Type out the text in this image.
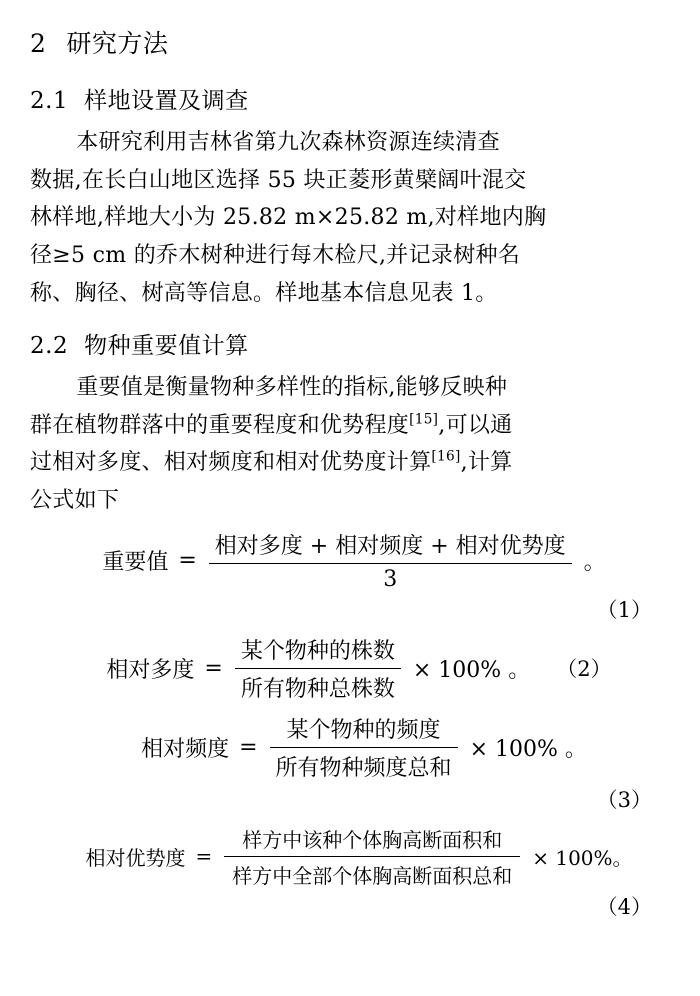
2 研究方法
2.1 样地设置及调查

本研究利用吉林省第九次森林资源连续清查

数据,在长白山地区选择 55 块正菱形黄檗阔叶混交

林样地,样地大小为 25.82 m×25.82 m,对样地内胸

径≥5 cm 的乔木树种进行每木检尺,并记录树种名

称、胸径、树高等信息。样地基本信息见表 1。

2.2 物种重要值计算

重要值是衡量物种多样性的指标,能够反映种

群在植物群落中的重要程度和优势程度[15],可以通

过相对多度、相对频度和相对优势度计算[16],计算

公式如下

重要值 = $\frac{\text{相对多度 + 相对频度 + 相对优势度}}{3}$ 。
（1）
相对多度 = $\frac{\text{某个物种的株数}}{\text{所有物种总株数}} \times 100\%$ 。 （2）
相对频度 = $\frac{\text{某个物种的频度}}{\text{所有物种频度总和}} \times 100\%$ 。
（3）
相对优势度 = $\frac{\text{样方中该种个体胸高断面积和}}{\text{样方中全部个体胸高断面积总和}} \times 100\%$。
（4）
